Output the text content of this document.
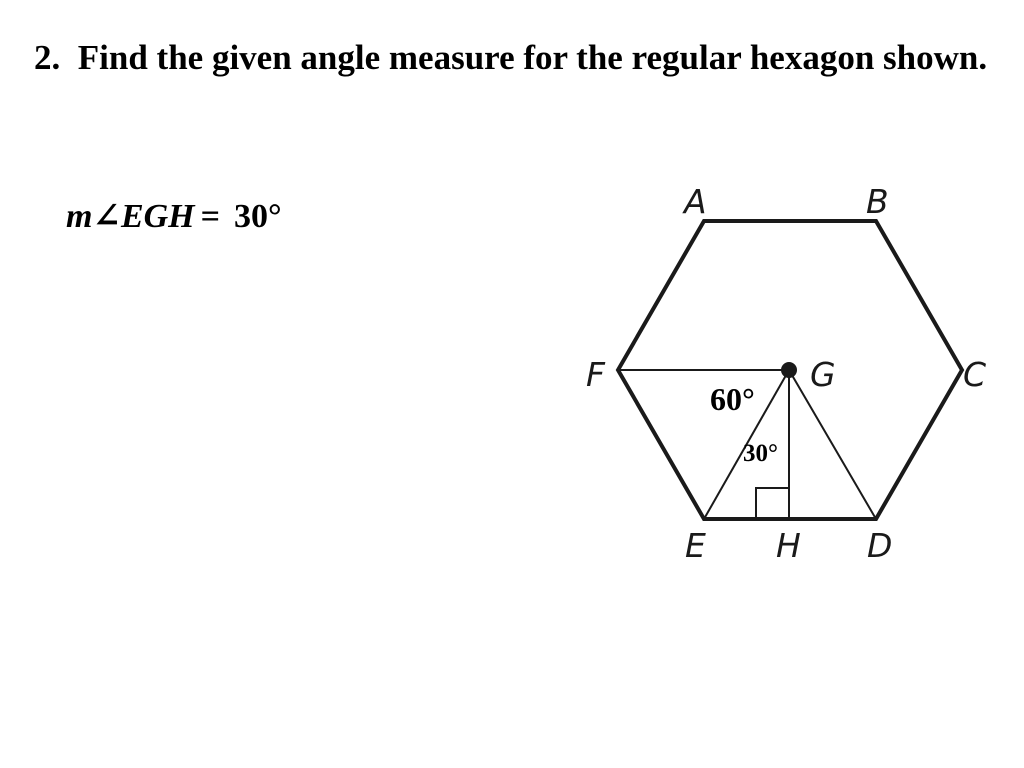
2. Find the given angle measure for the regular hexagon shown.

m∠EGH = 30°	A	B
C
D
E
F	G
H
60°
30°
